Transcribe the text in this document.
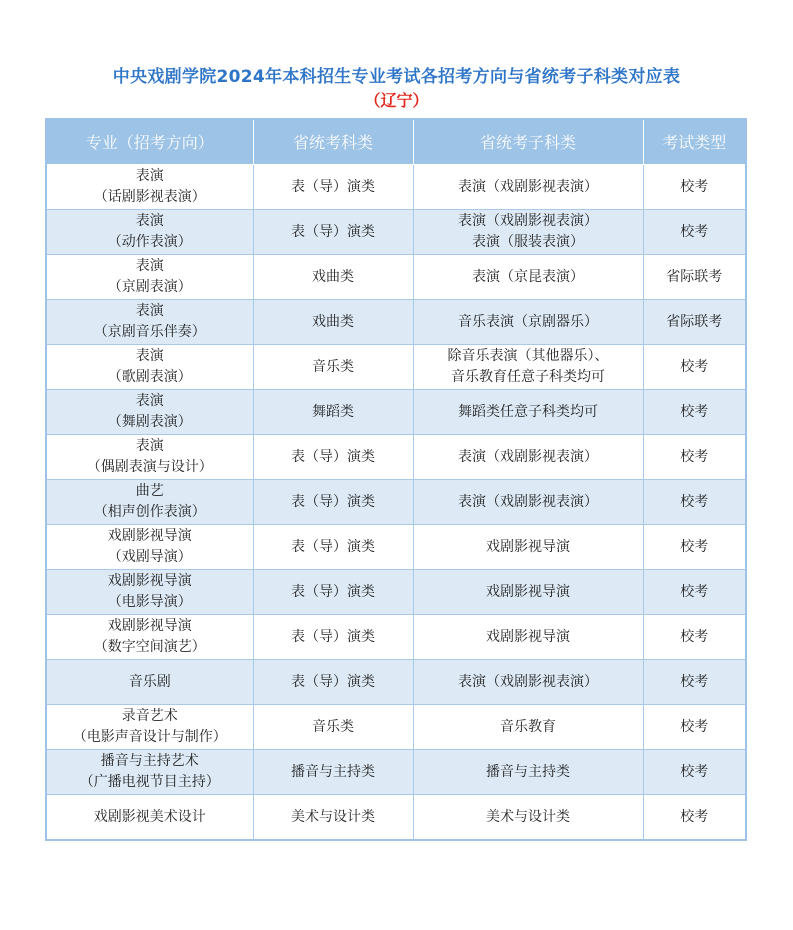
中央戏剧学院2024年本科招生专业考试各招考方向与省统考子科类对应表
（辽宁）
专业（招考方向）	省统考科类	省统考子科类	考试类型

表演
（话剧影视表演）	表（导）演类	表演（戏剧影视表演）	校考

表演
（动作表演）	表（导）演类	表演（戏剧影视表演）
表演（服装表演）	校考

表演
（京剧表演）	戏曲类	表演（京昆表演）	省际联考

表演
（京剧音乐伴奏）	戏曲类	音乐表演（京剧器乐）	省际联考

表演
（歌剧表演）	音乐类	除音乐表演（其他器乐）、
音乐教育任意子科类均可	校考

表演
（舞剧表演）	舞蹈类	舞蹈类任意子科类均可	校考

表演
（偶剧表演与设计）	表（导）演类	表演（戏剧影视表演）	校考

曲艺
（相声创作表演）	表（导）演类	表演（戏剧影视表演）	校考

戏剧影视导演
（戏剧导演）	表（导）演类	戏剧影视导演	校考

戏剧影视导演
（电影导演）	表（导）演类	戏剧影视导演	校考

戏剧影视导演
（数字空间演艺）	表（导）演类	戏剧影视导演	校考

音乐剧	表（导）演类	表演（戏剧影视表演）	校考

录音艺术
（电影声音设计与制作）	音乐类	音乐教育	校考

播音与主持艺术
（广播电视节目主持）	播音与主持类	播音与主持类	校考

戏剧影视美术设计	美术与设计类	美术与设计类	校考
